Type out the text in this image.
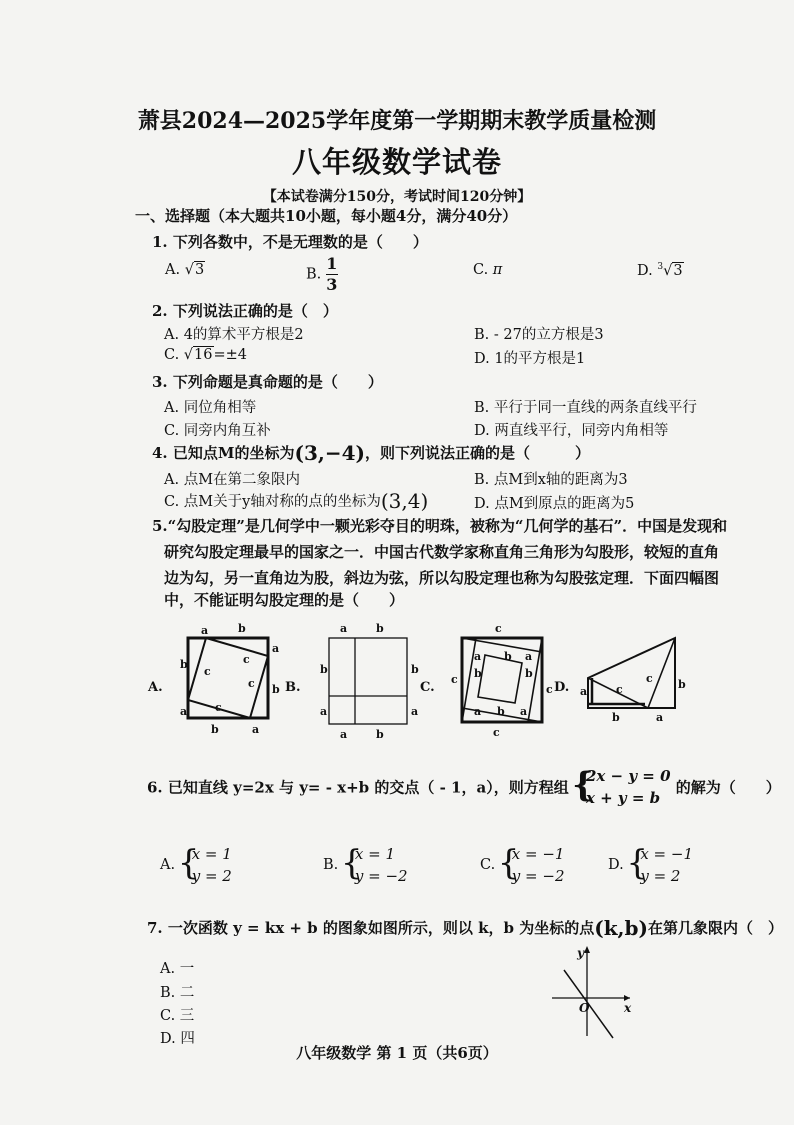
萧县2024—2025学年度第一学期期末教学质量检测
八年级数学试卷
【本试卷满分150分，考试时间120分钟】
一、选择题（本大题共10小题，每小题4分，满分40分）
1. 下列各数中，不是无理数的是（　　）
A. √3	B. $\frac{1}{3}$	C. π	D. $^3$√3
2. 下列说法正确的是（　）
A. 4的算术平方根是2	B. - 27的立方根是3
C. √16=±4	D. 1的平方根是1
3. 下列命题是真命题的是（　　）
A. 同位角相等	B. 平行于同一直线的两条直线平行
C. 同旁内角互补	D. 两直线平行，同旁内角相等
4. 已知点M的坐标为(3,−4)，则下列说法正确的是（　　　）
A. 点M在第二象限内	B. 点M到x轴的距离为3
C. 点M关于y轴对称的点的坐标为(3,4)	D. 点M到原点的距离为5
5.“勾股定理”是几何学中一颗光彩夺目的明珠，被称为“几何学的基石”．中国是发现和
研究勾股定理最早的国家之一．中国古代数学家称直角三角形为勾股形，较短的直角
边为勾，另一直角边为股，斜边为弦，所以勾股定理也称为勾股弦定理．下面四幅图
中，不能证明勾股定理的是（　　）
A.
a	b
b
a
b
a
b	a
c
c
c
c
B.
a	b
b	b
a	a
a	b
C.
c
c
c
c
a b a
b
b
a b a
D. a	c
c b
b	a
6. 已知直线 y=2x 与 y= - x+b 的交点（ - 1，a），则方程组 {
2x − y = 0
x + y = b
的解为（　　）
A. {
x = 1
y = 2
B. {
x = 1
y = −2
C. {
x = −1
y = −2
D. {
x = −1
y = 2
7. 一次函数 y = kx + b 的图象如图所示，则以 k，b 为坐标的点(k,b)在第几象限内（　）
A. 一
B. 二
C. 三
D. 四
y
x
O
八年级数学 第 1 页（共6页）
